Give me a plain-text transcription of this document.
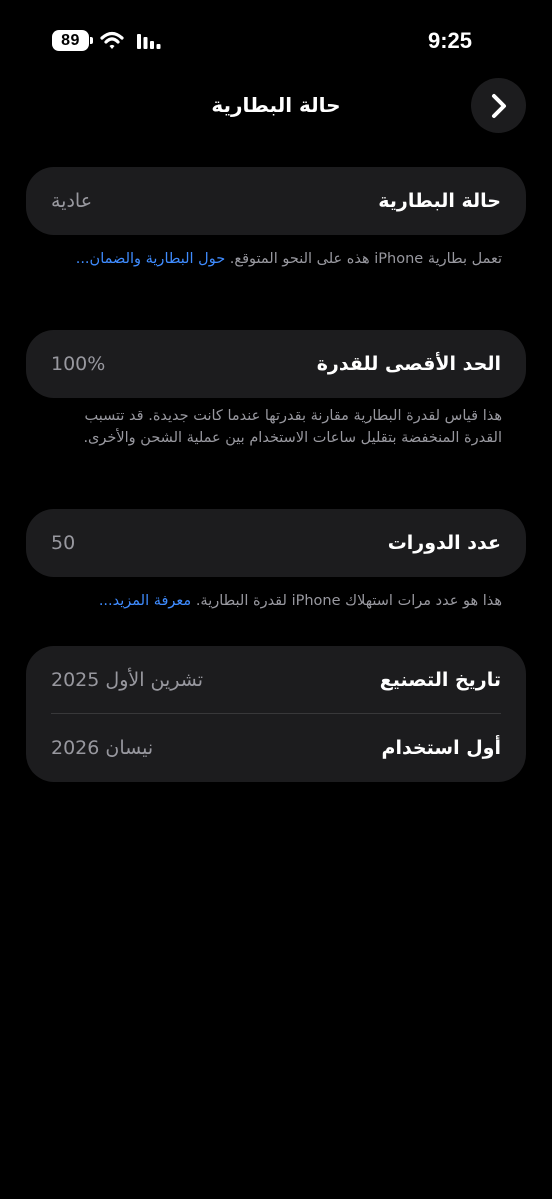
89	9:25
حالة البطارية
حالة البطارية
عادية
تعمل بطارية iPhone هذه على النحو المتوقع. حول البطارية والضمان...
الحد الأقصى للقدرة
100%
هذا قياس لقدرة البطارية مقارنة بقدرتها عندما كانت جديدة. قد تتسبب القدرة المنخفضة بتقليل ساعات الاستخدام بين عملية الشحن والأخرى.
عدد الدورات
50
هذا هو عدد مرات استهلاك iPhone لقدرة البطارية. معرفة المزيد...
تاريخ التصنيع
تشرين الأول 2025
أول استخدام
نيسان 2026
